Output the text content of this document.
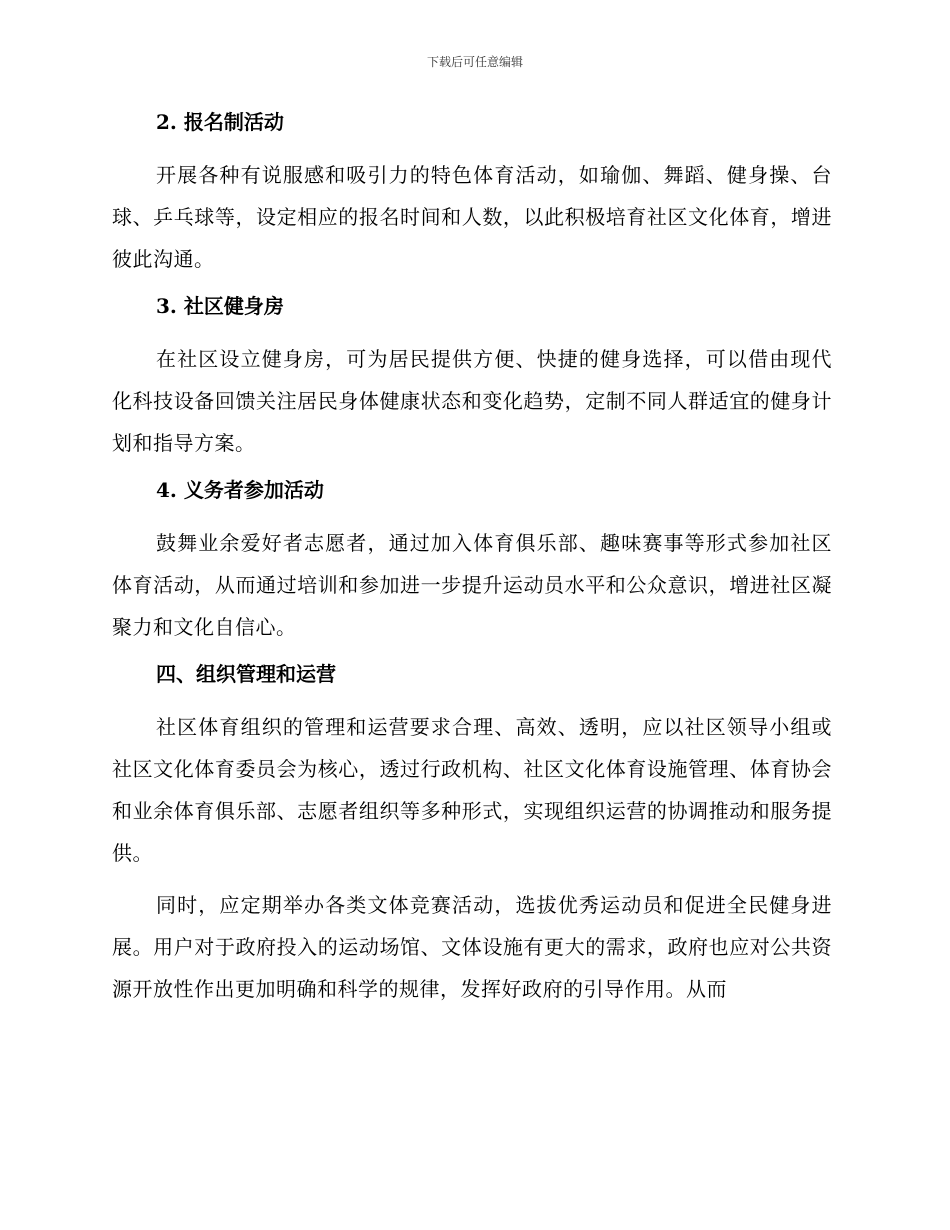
下载后可任意编辑
2. 报名制活动

开展各种有说服感和吸引力的特色体育活动，如瑜伽、舞蹈、健身操、台球、乒乓球等，设定相应的报名时间和人数，以此积极培育社区文化体育，增进彼此沟通。

3. 社区健身房

在社区设立健身房，可为居民提供方便、快捷的健身选择，可以借由现代化科技设备回馈关注居民身体健康状态和变化趋势，定制不同人群适宜的健身计划和指导方案。

4. 义务者参加活动

鼓舞业余爱好者志愿者，通过加入体育俱乐部、趣味赛事等形式参加社区体育活动，从而通过培训和参加进一步提升运动员水平和公众意识，增进社区凝聚力和文化自信心。

四、组织管理和运营

社区体育组织的管理和运营要求合理、高效、透明，应以社区领导小组或社区文化体育委员会为核心，透过行政机构、社区文化体育设施管理、体育协会和业余体育俱乐部、志愿者组织等多种形式，实现组织运营的协调推动和服务提供。

同时，应定期举办各类文体竞赛活动，选拔优秀运动员和促进全民健身进展。用户对于政府投入的运动场馆、文体设施有更大的需求，政府也应对公共资源开放性作出更加明确和科学的规律，发挥好政府的引导作用。从而
